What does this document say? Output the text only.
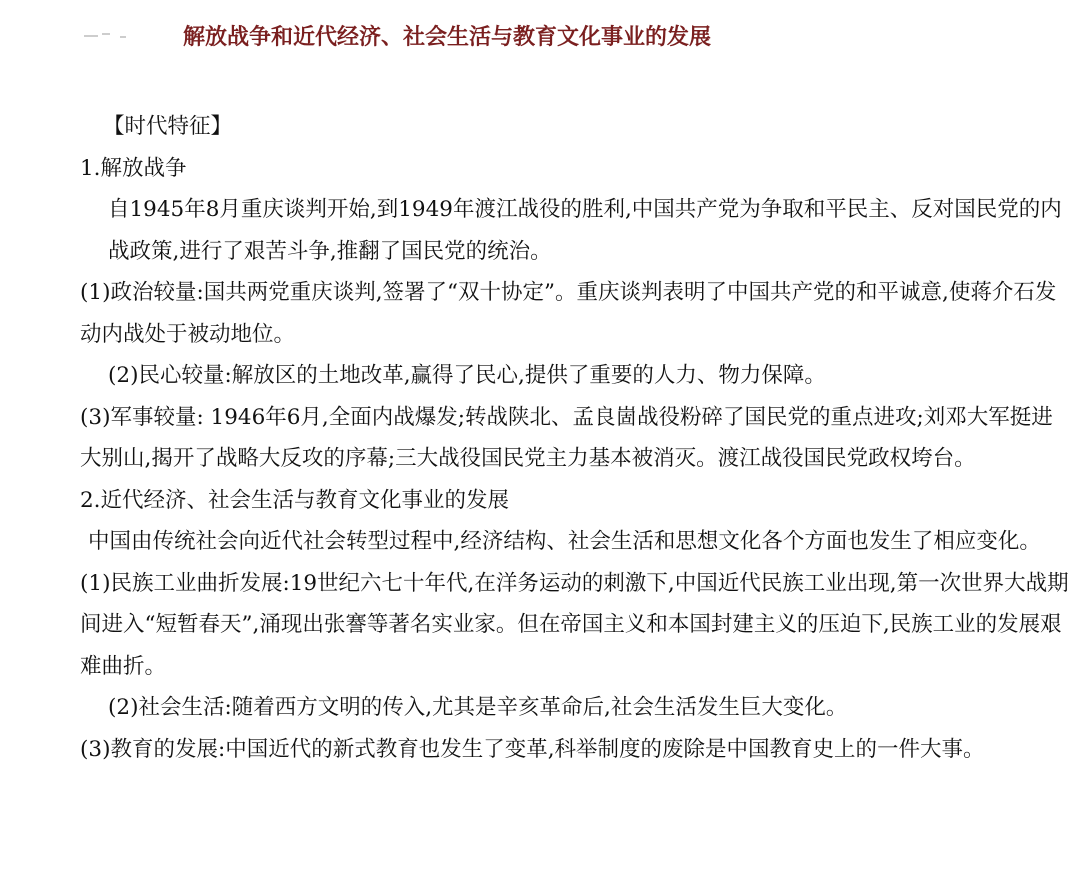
解放战争和近代经济、社会生活与教育文化事业的发展

【时代特征】

1.解放战争

自1945年8月重庆谈判开始,到1949年渡江战役的胜利,中国共产党为争取和平民主、反对国民党的内战政策,进行了艰苦斗争,推翻了国民党的统治。

(1)政治较量:国共两党重庆谈判,签署了“双十协定”。重庆谈判表明了中国共产党的和平诚意,使蒋介石发动内战处于被动地位。

(2)民心较量:解放区的土地改革,赢得了民心,提供了重要的人力、物力保障。

(3)军事较量: 1946年6月,全面内战爆发;转战陕北、孟良崮战役粉碎了国民党的重点进攻;刘邓大军挺进大别山,揭开了战略大反攻的序幕;三大战役国民党主力基本被消灭。渡江战役国民党政权垮台。

2.近代经济、社会生活与教育文化事业的发展

中国由传统社会向近代社会转型过程中,经济结构、社会生活和思想文化各个方面也发生了相应变化。

(1)民族工业曲折发展:19世纪六七十年代,在洋务运动的刺激下,中国近代民族工业出现,第一次世界大战期间进入“短暂春天”,涌现出张謇等著名实业家。但在帝国主义和本国封建主义的压迫下,民族工业的发展艰难曲折。

(2)社会生活:随着西方文明的传入,尤其是辛亥革命后,社会生活发生巨大变化。

(3)教育的发展:中国近代的新式教育也发生了变革,科举制度的废除是中国教育史上的一件大事。
